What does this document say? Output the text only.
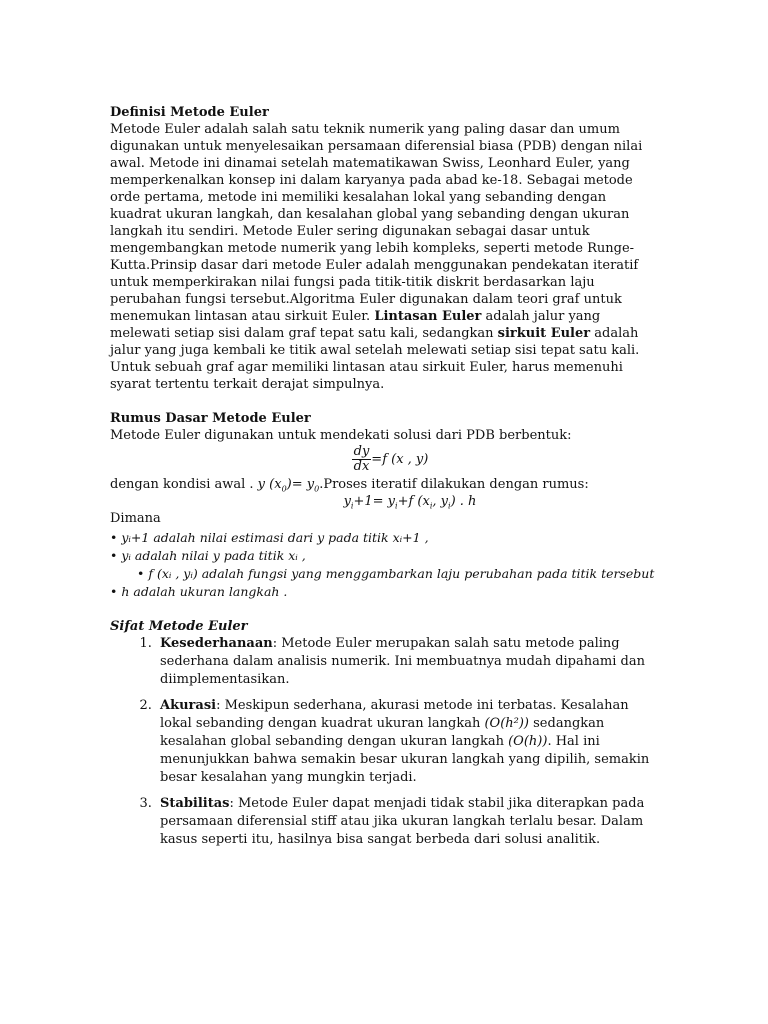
Definisi Metode Euler

Metode Euler adalah salah satu teknik numerik yang paling dasar dan umum digunakan untuk menyelesaikan persamaan diferensial biasa (PDB) dengan nilai awal. Metode ini dinamai setelah matematikawan Swiss, Leonhard Euler, yang memperkenalkan konsep ini dalam karyanya pada abad ke-18. Sebagai metode orde pertama, metode ini memiliki kesalahan lokal yang sebanding dengan kuadrat ukuran langkah, dan kesalahan global yang sebanding dengan ukuran langkah itu sendiri. Metode Euler sering digunakan sebagai dasar untuk mengembangkan metode numerik yang lebih kompleks, seperti metode Runge-Kutta.Prinsip dasar dari metode Euler adalah menggunakan pendekatan iteratif untuk memperkirakan nilai fungsi pada titik-titik diskrit berdasarkan laju perubahan fungsi tersebut.Algoritma Euler digunakan dalam teori graf untuk menemukan lintasan atau sirkuit Euler. Lintasan Euler adalah jalur yang melewati setiap sisi dalam graf tepat satu kali, sedangkan sirkuit Euler adalah jalur yang juga kembali ke titik awal setelah melewati setiap sisi tepat satu kali. Untuk sebuah graf agar memiliki lintasan atau sirkuit Euler, harus memenuhi syarat tertentu terkait derajat simpulnya.

Rumus Dasar Metode Euler

Metode Euler digunakan untuk mendekati solusi dari PDB berbentuk:

$\frac{dy}{dx} =f$ (x , y)

dengan kondisi awal . y $(x_0)=$ $y_0.Proses$ iteratif dilakukan dengan rumus:

$y_i+1= y_i+f$ ($x_i$, $y_i$) . h

Dimana

• yᵢ+1 adalah nilai estimasi dari y pada titik xᵢ+1 ,
• yᵢ adalah nilai y pada titik xᵢ ,
• f (xᵢ , yᵢ) adalah fungsi yang menggambarkan laju perubahan pada titik tersebut
• h adalah ukuran langkah .
Sifat Metode Euler
1. Kesederhanaan: Metode Euler merupakan salah satu metode paling sederhana dalam analisis numerik. Ini membuatnya mudah dipahami dan diimplementasikan.
2. Akurasi: Meskipun sederhana, akurasi metode ini terbatas. Kesalahan lokal sebanding dengan kuadrat ukuran langkah (O(h²)) sedangkan kesalahan global sebanding dengan ukuran langkah (O(h)). Hal ini menunjukkan bahwa semakin besar ukuran langkah yang dipilih, semakin besar kesalahan yang mungkin terjadi.
3. Stabilitas: Metode Euler dapat menjadi tidak stabil jika diterapkan pada persamaan diferensial stiff atau jika ukuran langkah terlalu besar. Dalam kasus seperti itu, hasilnya bisa sangat berbeda dari solusi analitik.
